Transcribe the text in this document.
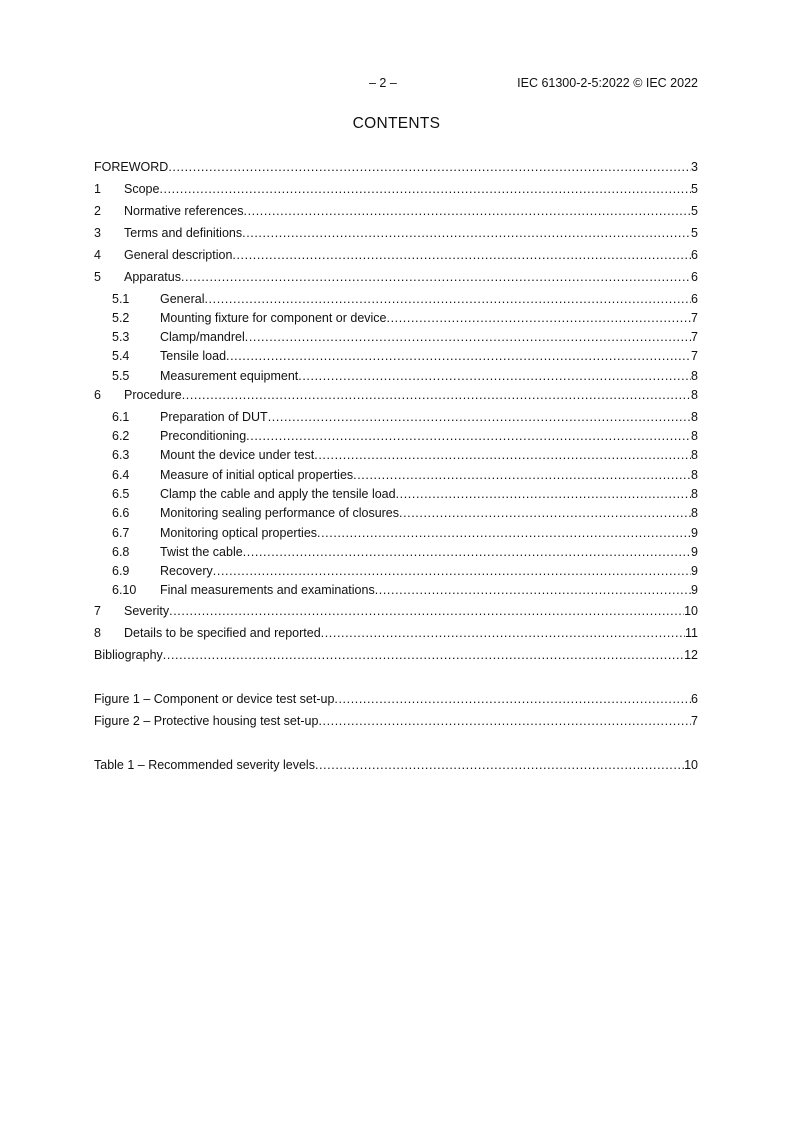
– 2 –	IEC 61300-2-5:2022 © IEC 2022
CONTENTS
FOREWORD .....	3
1	Scope .....	5
2	Normative references .....	5
3	Terms and definitions .....	5
4	General description .....	6
5	Apparatus .....	6
5.1	General .....	6
5.2	Mounting fixture for component or device .....	7
5.3	Clamp/mandrel .....	7
5.4	Tensile load .....	7
5.5	Measurement equipment .....	8
6	Procedure .....	8
6.1	Preparation of DUT .....	8
6.2	Preconditioning .....	8
6.3	Mount the device under test .....	8
6.4	Measure of initial optical properties .....	8
6.5	Clamp the cable and apply the tensile load .....	8
6.6	Monitoring sealing performance of closures .....	8
6.7	Monitoring optical properties .....	9
6.8	Twist the cable .....	9
6.9	Recovery .....	9
6.10	Final measurements and examinations .....	9
7	Severity .....	10
8	Details to be specified and reported .....	11
Bibliography .....	12
Figure 1 – Component or device test set-up .....	6
Figure 2 – Protective housing test set-up .....	7
Table 1 – Recommended severity levels .....	10
